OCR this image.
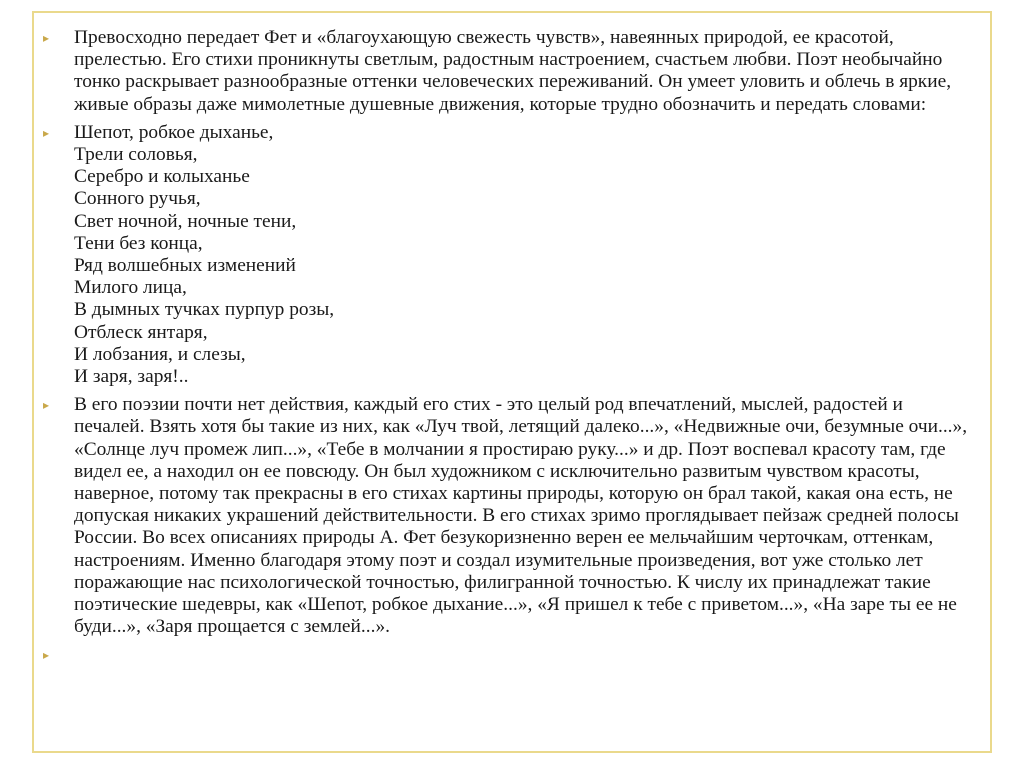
▸ Превосходно передает Фет и «благоухающую свежесть чувств», навеянных природой, ее красотой, прелестью. Его стихи проникнуты светлым, радостным настроением, счастьем любви. Поэт необычайно тонко раскрывает разнообразные оттенки человеческих переживаний. Он умеет уловить и облечь в яркие, живые образы даже мимолетные душевные движения, которые трудно обозначить и передать словами:
▸ Шепот, робкое дыханье,
Трели соловья,
Серебро и колыханье
Сонного ручья,
Свет ночной, ночные тени,
Тени без конца,
Ряд волшебных изменений
Милого лица,
В дымных тучках пурпур розы,
Отблеск янтаря,
И лобзания, и слезы,
И заря, заря!..
▸ В его поэзии почти нет действия, каждый его стих - это целый род впечатлений, мыслей, радостей и печалей. Взять хотя бы такие из них, как «Луч твой, летящий далеко...», «Недвижные очи, безумные очи...», «Солнце луч промеж лип...», «Тебе в молчании я простираю руку...» и др. Поэт воспевал красоту там, где видел ее, а находил он ее повсюду. Он был художником с исключительно развитым чувством красоты, наверное, потому так прекрасны в его стихах картины природы, которую он брал такой, какая она есть, не допуская никаких украшений действительности. В его стихах зримо проглядывает пейзаж средней полосы России. Во всех описаниях природы А. Фет безукоризненно верен ее мельчайшим черточкам, оттенкам, настроениям. Именно благодаря этому поэт и создал изумительные произведения, вот уже столько лет поражающие нас психологической точностью, филигранной точностью. К числу их принадлежат такие поэтические шедевры, как «Шепот, робкое дыхание...», «Я пришел к тебе с приветом...», «На заре ты ее не буди...», «Заря прощается с землей...».
▸
